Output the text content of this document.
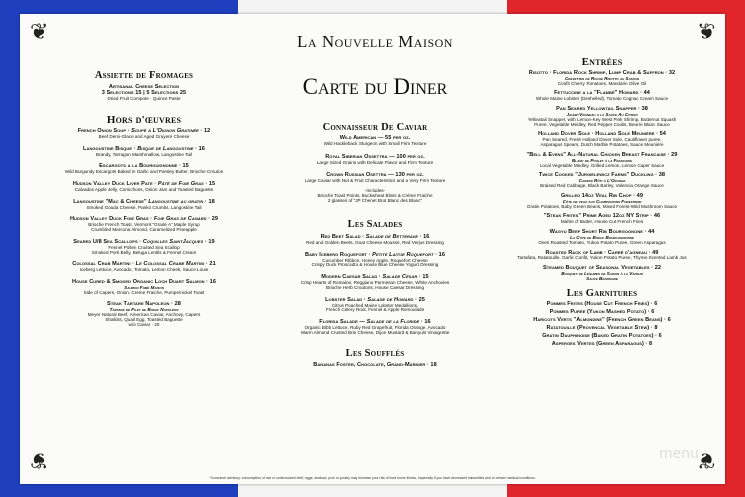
❦	❦
❦	❦
Assiette de Fromages
Artisanal Cheese Selection
3 Selections 15 | 5 Selections 25
Dried Fruit Compote · Quince Paste
Hors d'œuvres
French Onion Soup · Soupé à L'Oignon Gratinée · 12
Beef Demi-Glace and Aged Gruyere Cheese
Langoustine Bisque · Bisque de Langoustine · 16
Brandy, Tarragon Marshmallow, Langostine Tail
Escargots a la Bourguignonne · 15
Wild Burgundy Escargots Baked in Garlic and Parsley Butter, Brioche Crouton
Hudson Valley Duck Liver Pate · Pâté de Foie Gras · 15
Calvados Apple Jelly, Cornichons, Onion Jam and Toasted Baguette
Langoustine "Mac & Cheese" Langoustine au gratin · 18
Smoked Gouda Cheese, Panko Crumbs, Langostine Tail
Hudson Valley Duck Foie Gras · Foie Gras de Canard · 29
Brioche French Toast, Vermont "Grade A" Maple Syrup
Crumbled Marcona Almond, Caramelized Pineapple
Seared U/8 Sea Scallops · Coquilles SaintJacques · 19
Fennel Pollen Crusted Sea Scallop
Smoked Pork Belly, Beluga Lentils & Fennel Cream
Colossal Crab Martini · Le Colossal Crabe Martini · 21
Iceberg Lettuce, Avocado, Tomato, Lemon Cheek, Sauce Louie
House Cured & Smoked Organic Loch Duart Salmon · 16
Saumon Fumé Maison
Side of Capers, Onion, Creme Fraiche, Pumpernickel Toast
Steak Tartare Napoleon · 28
Tartare de Filet de Boeuf Napoléon
Meyer Natural Beef, American Caviar, Anchovy, Capers
Shallots, Quail Egg, Toasted Baguette
w/o Caviar · 20
La Nouvelle Maison
Carte du Diner
Connaisseur De Caviar
Wild American — 55 per oz.
Wild Hackleback Sturgeon with Small Firm Texture
Royal Siberian Ossettra — 100 per oz.
Large Sized Grains with Delicate Flavor and Firm Texture
Crown Russian Osettra — 130 per oz.
Large Caviar with Nut & Fruit Characteristics and a Very Firm Texture
-Includes-
Brioche Toast Points, Buckwheat Blinis & Crème Fraiche
2 glasses of "JP Chenet Brut Blanc des Blanc"
Les Salades
Red Beet Salad · Salade de Betterave · 16
Red and Golden Beets, Goat Cheese Mousse, Red Verjus Dressing
Baby Iceberg Roquefort · Petite Laitue Roquefort · 16
Cucumber Ribbon, Honey Apple, Roquefort Cheese
Crispy Duck Prosciutto & House Blue Cheese Yogurt Dressing
Modern Caesar Salad · Salade César · 15
Crisp Hearts of Romaine, Reggiano Parmesan Cheese, White Anchovies
Brioche Herb Croutons, House Caesar Dressing
Lobster Salad · Salade de Homard · 25
Citrus Poached Maine Lobster Medallions,
French Celery Root, Fennel & Apple Remoulade
Florida Salade — Salade de la Floride · 16
Organic Bibb Lettuce, Ruby Red Grapefruit, Florida Orange, Avocado
Warm Almond Crusted Brie Cheese, Dijon Mustard & Banyuls Vinaigrette
Les Soufflés
Bananas Foster, Chocolate, Grand-Marnier · 18
Entrées
Risotto · Florida Rock Shrimp, Lump Crab & Saffron · 32
Crevettes de Roche Risotto au Safran
Confit Cherry Tomatoes, Mandarin Olive Oil
Fettuccine a la "Flambé" Homard · 44
Whole Maine Lobster (Deshelled), Tomato Cognac Cream Sauce
Pan Seared Yellowtail Snapper · 38
Jaune-Vivaneau a la Sauce Au Citron
Yellowtail Snapper, with Lemon-Key West Pink Shrimp, Butternut Squash
Puree, Vegetable Medley, Red Pepper Coulis, Beurre Blanc Sauce
Holland Dover Sole · Holland Sole Meunière · 54
Pan Seared, Fresh Holland Dover Sole, Cauliflower puree,
Asparagus Spears, Dutch Marble Potatoes, Sauce Meunière
"Bell & Evens" All-Natural Chicken Breast Francaise · 29
Blanc de Poulet à la Francaise
Local Vegetable Medley, Grilled Lemon, Lemon Caper Sauce
Twice Cooked "Jurgielewicz Farms" Duckling · 38
Canard Rôti à L'Orange
Braised Red Cabbage, Black Barley, Valencia Orange Sauce
Grilled 14oz Veal Rib Chop · 49
Côte de veau aux Champignons Forestiere
Gratin Potatoes, Baby Green Beans, Mixed Forest-Wild Mushroom Sauce
"Steak Frites" Prime Aged 12oz NY Strip · 46
Maître d' Butter, House Cut French Fries
Wagyu Beef Short Rib Bourgognone · 44
La Côte de Boeuf Bourguignonne
Oven Roasted Tomato, Yukon Potato Puree, Green Asparagus
Roasted Rack of Lamb · Carré d'agneau · 49
Tartafata, Ratatouille, Garlic Confit, Yukon Potato Puree, Thyme-Scented Lamb Jus
Steamed Bouquet of Seasonal Vegetables · 22
Bouquet de Légumes de Saison à la Vapeur
Sauce Béarnaise
Les Garnitures
Pommes Frites (House Cut French Fries) · 6
Pommes Purée (Yukon Mashed Potato) · 6
Haricots Verts "Almondine" (French Green Beans) · 6
Ratatouille (Provencal Vegetable Stew) · 8
Gratin Dauphinoise (Baked Gratin Potatoes) · 6
Asperges Vertes (Green Asparagus) · 8
*Consumer advisory: consumption of raw or undercooked beef, eggs, seafood, pork or poultry may increase your risk of food borne illness, especially if you have decreased immunities and or certain medical conditions.
menu
